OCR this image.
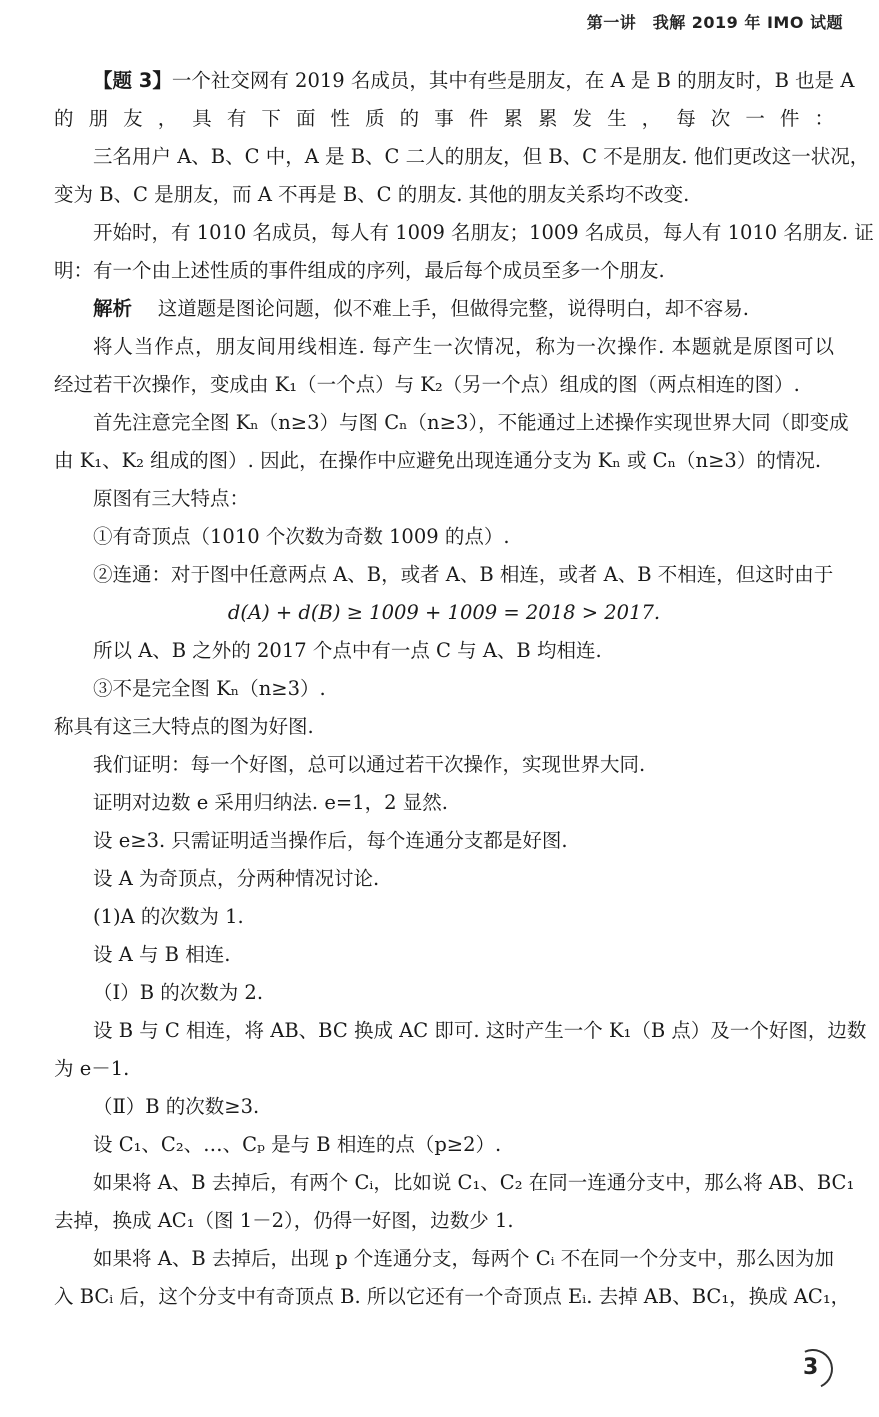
第一讲　我解 2019 年 IMO 试题
【题 3】一个社交网有 2019 名成员，其中有些是朋友，在 A 是 B 的朋友时，B 也是 A
的朋友，具有下面性质的事件累累发生，每次一件：
三名用户 A、B、C 中，A 是 B、C 二人的朋友，但 B、C 不是朋友. 他们更改这一状况，
变为 B、C 是朋友，而 A 不再是 B、C 的朋友. 其他的朋友关系均不改变.
开始时，有 1010 名成员，每人有 1009 名朋友；1009 名成员，每人有 1010 名朋友. 证
明：有一个由上述性质的事件组成的序列，最后每个成员至多一个朋友.
解析　 这道题是图论问题，似不难上手，但做得完整，说得明白，却不容易.
将人当作点，朋友间用线相连. 每产生一次情况，称为一次操作. 本题就是原图可以
经过若干次操作，变成由 K₁（一个点）与 K₂（另一个点）组成的图（两点相连的图）.
首先注意完全图 Kₙ（n≥3）与图 Cₙ（n≥3），不能通过上述操作实现世界大同（即变成
由 K₁、K₂ 组成的图）. 因此，在操作中应避免出现连通分支为 Kₙ 或 Cₙ（n≥3）的情况.
原图有三大特点：
①有奇顶点（1010 个次数为奇数 1009 的点）.
②连通：对于图中任意两点 A、B，或者 A、B 相连，或者 A、B 不相连，但这时由于
d(A) + d(B) ≥ 1009 + 1009 = 2018 > 2017.
所以 A、B 之外的 2017 个点中有一点 C 与 A、B 均相连.
③不是完全图 Kₙ（n≥3）.
称具有这三大特点的图为好图.
我们证明：每一个好图，总可以通过若干次操作，实现世界大同.
证明对边数 e 采用归纳法. e=1，2 显然.
设 e≥3. 只需证明适当操作后，每个连通分支都是好图.
设 A 为奇顶点，分两种情况讨论.
(1)A 的次数为 1.
设 A 与 B 相连.
（Ⅰ）B 的次数为 2.
设 B 与 C 相连，将 AB、BC 换成 AC 即可. 这时产生一个 K₁（B 点）及一个好图，边数
为 e－1.
（Ⅱ）B 的次数≥3.
设 C₁、C₂、…、Cₚ 是与 B 相连的点（p≥2）.
如果将 A、B 去掉后，有两个 Cᵢ，比如说 C₁、C₂ 在同一连通分支中，那么将 AB、BC₁
去掉，换成 AC₁（图 1－2），仍得一好图，边数少 1.
如果将 A、B 去掉后，出现 p 个连通分支，每两个 Cᵢ 不在同一个分支中，那么因为加
入 BCᵢ 后，这个分支中有奇顶点 B. 所以它还有一个奇顶点 Eᵢ. 去掉 AB、BC₁，换成 AC₁，
3
